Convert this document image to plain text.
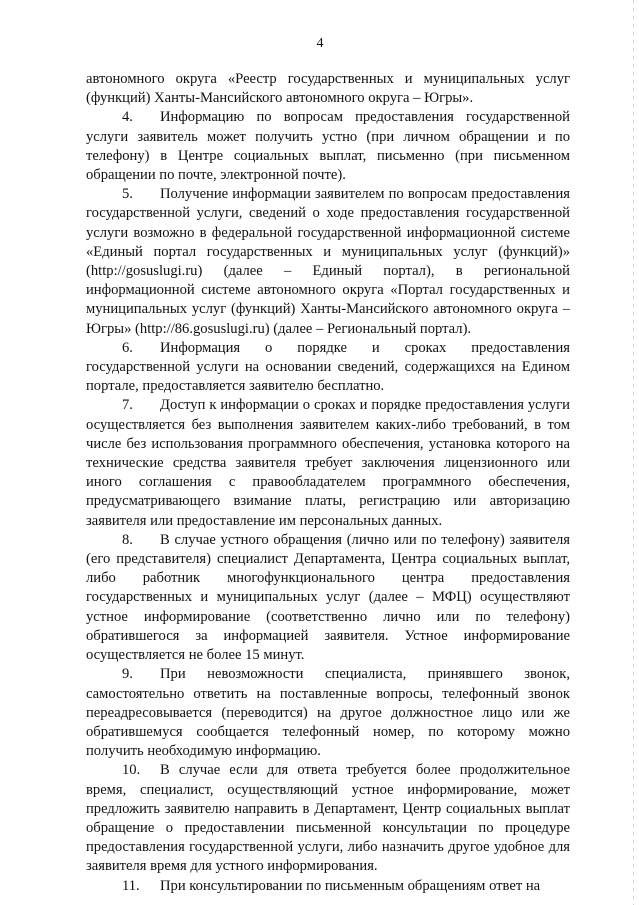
4

автономного округа «Реестр государственных и муниципальных услуг (функций) Ханты-Мансийского автономного округа – Югры».

4. Информацию по вопросам предоставления государственной услуги заявитель может получить устно (при личном обращении и по телефону) в Центре социальных выплат, письменно (при письменном обращении по почте, электронной почте).

5. Получение информации заявителем по вопросам предоставления государственной услуги, сведений о ходе предоставления государственной услуги возможно в федеральной государственной информационной системе «Единый портал государственных и муниципальных услуг (функций)» (http://gosuslugi.ru) (далее – Единый портал), в региональной информационной системе автономного округа «Портал государственных и муниципальных услуг (функций) Ханты-Мансийского автономного округа – Югры» (http://86.gosuslugi.ru) (далее – Региональный портал).

6. Информация о порядке и сроках предоставления государственной услуги на основании сведений, содержащихся на Едином портале, предоставляется заявителю бесплатно.

7. Доступ к информации о сроках и порядке предоставления услуги осуществляется без выполнения заявителем каких-либо требований, в том числе без использования программного обеспечения, установка которого на технические средства заявителя требует заключения лицензионного или иного соглашения с правообладателем программного обеспечения, предусматривающего взимание платы, регистрацию или авторизацию заявителя или предоставление им персональных данных.

8. В случае устного обращения (лично или по телефону) заявителя (его представителя) специалист Департамента, Центра социальных выплат, либо работник многофункционального центра предоставления государственных и муниципальных услуг (далее – МФЦ) осуществляют устное информирование (соответственно лично или по телефону) обратившегося за информацией заявителя. Устное информирование осуществляется не более 15 минут.

9. При невозможности специалиста, принявшего звонок, самостоятельно ответить на поставленные вопросы, телефонный звонок переадресовывается (переводится) на другое должностное лицо или же обратившемуся сообщается телефонный номер, по которому можно получить необходимую информацию.

10. В случае если для ответа требуется более продолжительное время, специалист, осуществляющий устное информирование, может предложить заявителю направить в Департамент, Центр социальных выплат обращение о предоставлении письменной консультации по процедуре предоставления государственной услуги, либо назначить другое удобное для заявителя время для устного информирования.

11. При консультировании по письменным обращениям ответ на
